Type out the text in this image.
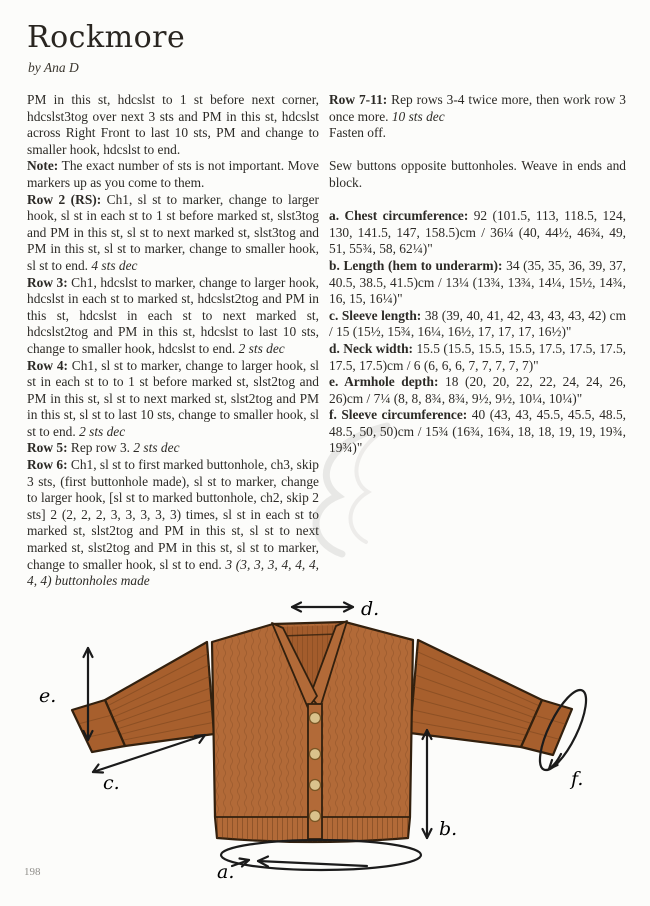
Rockmore
by Ana D

PM in this st, hdcslst to 1 st before next corner, hdcslst3tog over next 3 sts and PM in this st, hdcslst across Right Front to last 10 sts, PM and change to smaller hook, hdcslst to end.

Note: The exact number of sts is not important. Move markers up as you come to them.

Row 2 (RS): Ch1, sl st to marker, change to larger hook, sl st in each st to 1 st before marked st, slst3tog and PM in this st, sl st to next marked st, slst3tog and PM in this st, sl st to marker, change to smaller hook, sl st to end. 4 sts dec

Row 3: Ch1, hdcslst to marker, change to larger hook, hdcslst in each st to marked st, hdcslst2tog and PM in this st, hdcslst in each st to next marked st, hdcslst2tog and PM in this st, hdcslst to last 10 sts, change to smaller hook, hdcslst to end. 2 sts dec

Row 4: Ch1, sl st to marker, change to larger hook, sl st in each st to to 1 st before marked st, slst2tog and PM in this st, sl st to next marked st, slst2tog and PM in this st, sl st to last 10 sts, change to smaller hook, sl st to end. 2 sts dec

Row 5: Rep row 3. 2 sts dec

Row 6: Ch1, sl st to first marked buttonhole, ch3, skip 3 sts, (first buttonhole made), sl st to marker, change to larger hook, [sl st to marked buttonhole, ch2, skip 2 sts] 2 (2, 2, 2, 3, 3, 3, 3, 3) times, sl st in each st to marked st, slst2tog and PM in this st, sl st to next marked st, slst2tog and PM in this st, sl st to marker, change to smaller hook, sl st to end. 3 (3, 3, 3, 4, 4, 4, 4, 4) buttonholes made

Row 7-11: Rep rows 3-4 twice more, then work row 3 once more. 10 sts dec

Fasten off.

Sew buttons opposite buttonholes. Weave in ends and block.

a. Chest circumference: 92 (101.5, 113, 118.5, 124, 130, 141.5, 147, 158.5)cm / 36¼ (40, 44½, 46¾, 49, 51, 55¾, 58, 62¼)"

b. Length (hem to underarm): 34 (35, 35, 36, 39, 37, 40.5, 38.5, 41.5)cm / 13¼ (13¾, 13¾, 14¼, 15½, 14¾, 16, 15, 16¼)"

c. Sleeve length: 38 (39, 40, 41, 42, 43, 43, 43, 42) cm / 15 (15½, 15¾, 16¼, 16½, 17, 17, 17, 16½)"

d. Neck width: 15.5 (15.5, 15.5, 15.5, 17.5, 17.5, 17.5, 17.5, 17.5)cm / 6 (6, 6, 6, 7, 7, 7, 7, 7)"

e. Armhole depth: 18 (20, 20, 22, 22, 24, 24, 26, 26)cm / 7¼ (8, 8, 8¾, 8¾, 9½, 9½, 10¼, 10¼)"

f. Sleeve circumference: 40 (43, 43, 45.5, 45.5, 48.5, 48.5, 50, 50)cm / 15¾ (16¾, 16¾, 18, 18, 19, 19, 19¾, 19¾)"

d.
e.
c.
b.
f.
a.
198
